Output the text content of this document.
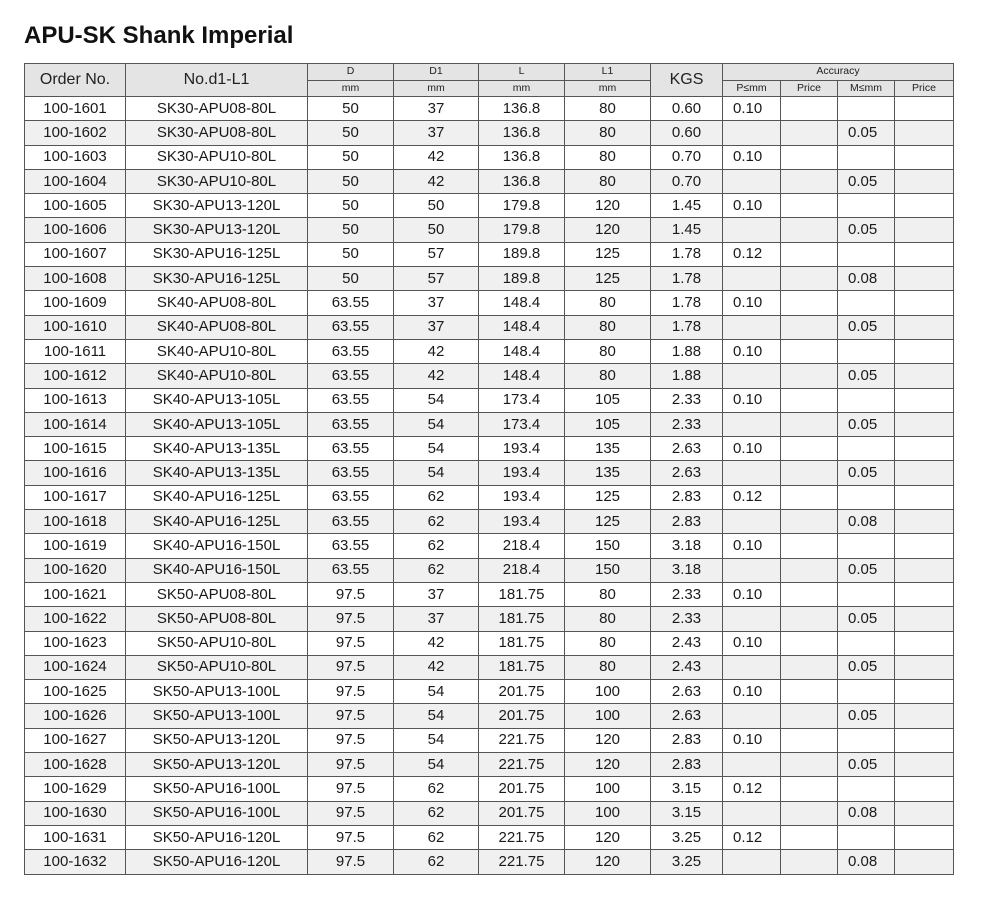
APU-SK Shank Imperial
Order No.	No.d1-L1	D	D1	L	L1	KGS	Accuracy			
		mm	mm	mm	mm		P≤mm	Price	M≤mm	Price
100-1601	SK30-APU08-80L	50	37	136.8	80	0.60	0.10			
100-1602	SK30-APU08-80L	50	37	136.8	80	0.60			0.05	
100-1603	SK30-APU10-80L	50	42	136.8	80	0.70	0.10			
100-1604	SK30-APU10-80L	50	42	136.8	80	0.70			0.05	
100-1605	SK30-APU13-120L	50	50	179.8	120	1.45	0.10			
100-1606	SK30-APU13-120L	50	50	179.8	120	1.45			0.05	
100-1607	SK30-APU16-125L	50	57	189.8	125	1.78	0.12			
100-1608	SK30-APU16-125L	50	57	189.8	125	1.78			0.08	
100-1609	SK40-APU08-80L	63.55	37	148.4	80	1.78	0.10			
100-1610	SK40-APU08-80L	63.55	37	148.4	80	1.78			0.05	
100-1611	SK40-APU10-80L	63.55	42	148.4	80	1.88	0.10			
100-1612	SK40-APU10-80L	63.55	42	148.4	80	1.88			0.05	
100-1613	SK40-APU13-105L	63.55	54	173.4	105	2.33	0.10			
100-1614	SK40-APU13-105L	63.55	54	173.4	105	2.33			0.05	
100-1615	SK40-APU13-135L	63.55	54	193.4	135	2.63	0.10			
100-1616	SK40-APU13-135L	63.55	54	193.4	135	2.63			0.05	
100-1617	SK40-APU16-125L	63.55	62	193.4	125	2.83	0.12			
100-1618	SK40-APU16-125L	63.55	62	193.4	125	2.83			0.08	
100-1619	SK40-APU16-150L	63.55	62	218.4	150	3.18	0.10			
100-1620	SK40-APU16-150L	63.55	62	218.4	150	3.18			0.05	
100-1621	SK50-APU08-80L	97.5	37	181.75	80	2.33	0.10			
100-1622	SK50-APU08-80L	97.5	37	181.75	80	2.33			0.05	
100-1623	SK50-APU10-80L	97.5	42	181.75	80	2.43	0.10			
100-1624	SK50-APU10-80L	97.5	42	181.75	80	2.43			0.05	
100-1625	SK50-APU13-100L	97.5	54	201.75	100	2.63	0.10			
100-1626	SK50-APU13-100L	97.5	54	201.75	100	2.63			0.05	
100-1627	SK50-APU13-120L	97.5	54	221.75	120	2.83	0.10			
100-1628	SK50-APU13-120L	97.5	54	221.75	120	2.83			0.05	
100-1629	SK50-APU16-100L	97.5	62	201.75	100	3.15	0.12			
100-1630	SK50-APU16-100L	97.5	62	201.75	100	3.15			0.08	
100-1631	SK50-APU16-120L	97.5	62	221.75	120	3.25	0.12			
100-1632	SK50-APU16-120L	97.5	62	221.75	120	3.25			0.08	
